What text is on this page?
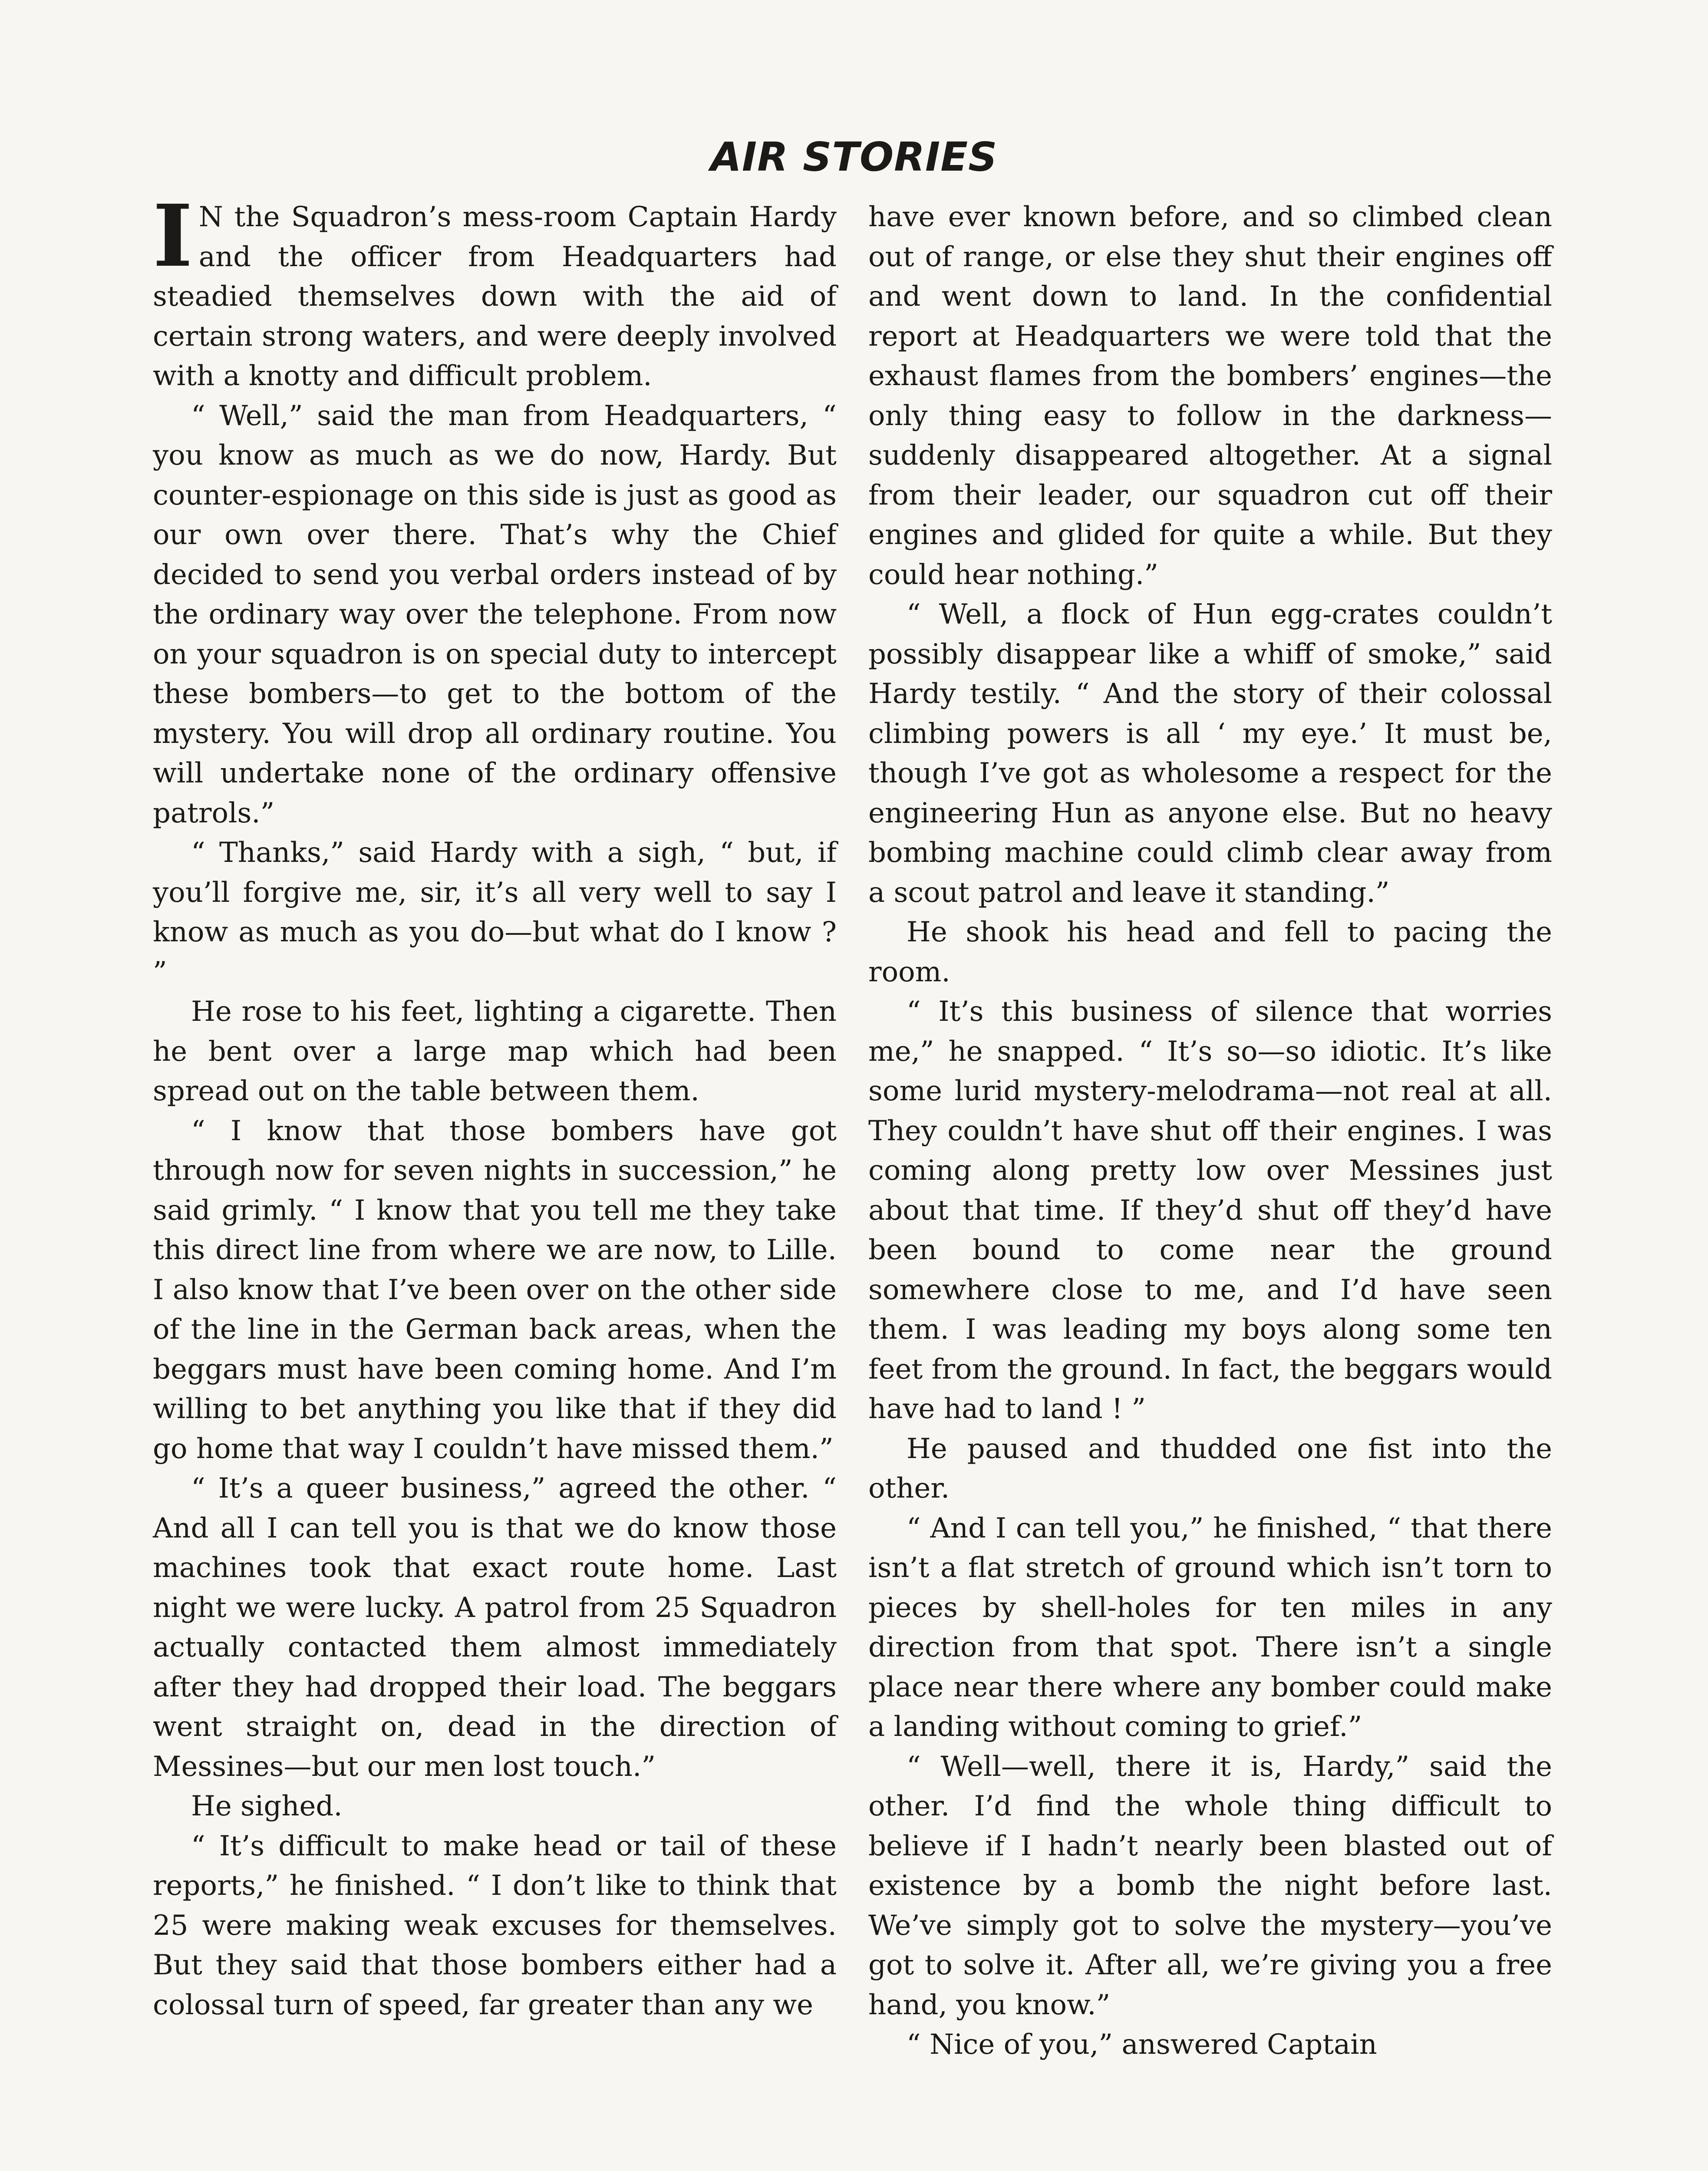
AIR STORIES

I N the Squadron’s mess-room Captain Hardy and the officer from Headquarters had steadied themselves down with the aid of certain strong waters, and were deeply involved with a knotty and difficult problem.

“ Well,” said the man from Headquarters, “ you know as much as we do now, Hardy. But counter-espionage on this side is just as good as our own over there. That’s why the Chief decided to send you verbal orders instead of by the ordinary way over the telephone. From now on your squadron is on special duty to intercept these bombers—to get to the bottom of the mystery. You will drop all ordinary routine. You will undertake none of the ordinary offensive patrols.”

“ Thanks,” said Hardy with a sigh, “ but, if you’ll forgive me, sir, it’s all very well to say I know as much as you do—but what do I know ? ”

He rose to his feet, lighting a cigarette. Then he bent over a large map which had been spread out on the table between them.

“ I know that those bombers have got through now for seven nights in succession,” he said grimly. “ I know that you tell me they take this direct line from where we are now, to Lille. I also know that I’ve been over on the other side of the line in the German back areas, when the beggars must have been coming home. And I’m willing to bet anything you like that if they did go home that way I couldn’t have missed them.”

“ It’s a queer business,” agreed the other. “ And all I can tell you is that we do know those machines took that exact route home. Last night we were lucky. A patrol from 25 Squadron actually contacted them almost immediately after they had dropped their load. The beggars went straight on, dead in the direction of Messines—but our men lost touch.”

He sighed.

“ It’s difficult to make head or tail of these reports,” he finished. “ I don’t like to think that 25 were making weak excuses for themselves. But they said that those bombers either had a colossal turn of speed, far greater than any we

have ever known before, and so climbed clean out of range, or else they shut their engines off and went down to land. In the confidential report at Headquarters we were told that the exhaust flames from the bombers’ engines—the only thing easy to follow in the darkness—suddenly disappeared altogether. At a signal from their leader, our squadron cut off their engines and glided for quite a while. But they could hear nothing.”

“ Well, a flock of Hun egg-crates couldn’t possibly disappear like a whiff of smoke,” said Hardy testily. “ And the story of their colossal climbing powers is all ‘ my eye.’ It must be, though I’ve got as wholesome a respect for the engineering Hun as anyone else. But no heavy bombing machine could climb clear away from a scout patrol and leave it standing.”

He shook his head and fell to pacing the room.

“ It’s this business of silence that worries me,” he snapped. “ It’s so—so idiotic. It’s like some lurid mystery-melodrama—not real at all. They couldn’t have shut off their engines. I was coming along pretty low over Messines just about that time. If they’d shut off they’d have been bound to come near the ground somewhere close to me, and I’d have seen them. I was leading my boys along some ten feet from the ground. In fact, the beggars would have had to land ! ”

He paused and thudded one fist into the other.

“ And I can tell you,” he finished, “ that there isn’t a flat stretch of ground which isn’t torn to pieces by shell-holes for ten miles in any direction from that spot. There isn’t a single place near there where any bomber could make a landing without coming to grief.”

“ Well—well, there it is, Hardy,” said the other. I’d find the whole thing difficult to believe if I hadn’t nearly been blasted out of existence by a bomb the night before last. We’ve simply got to solve the mystery—you’ve got to solve it. After all, we’re giving you a free hand, you know.”

“ Nice of you,” answered Captain
